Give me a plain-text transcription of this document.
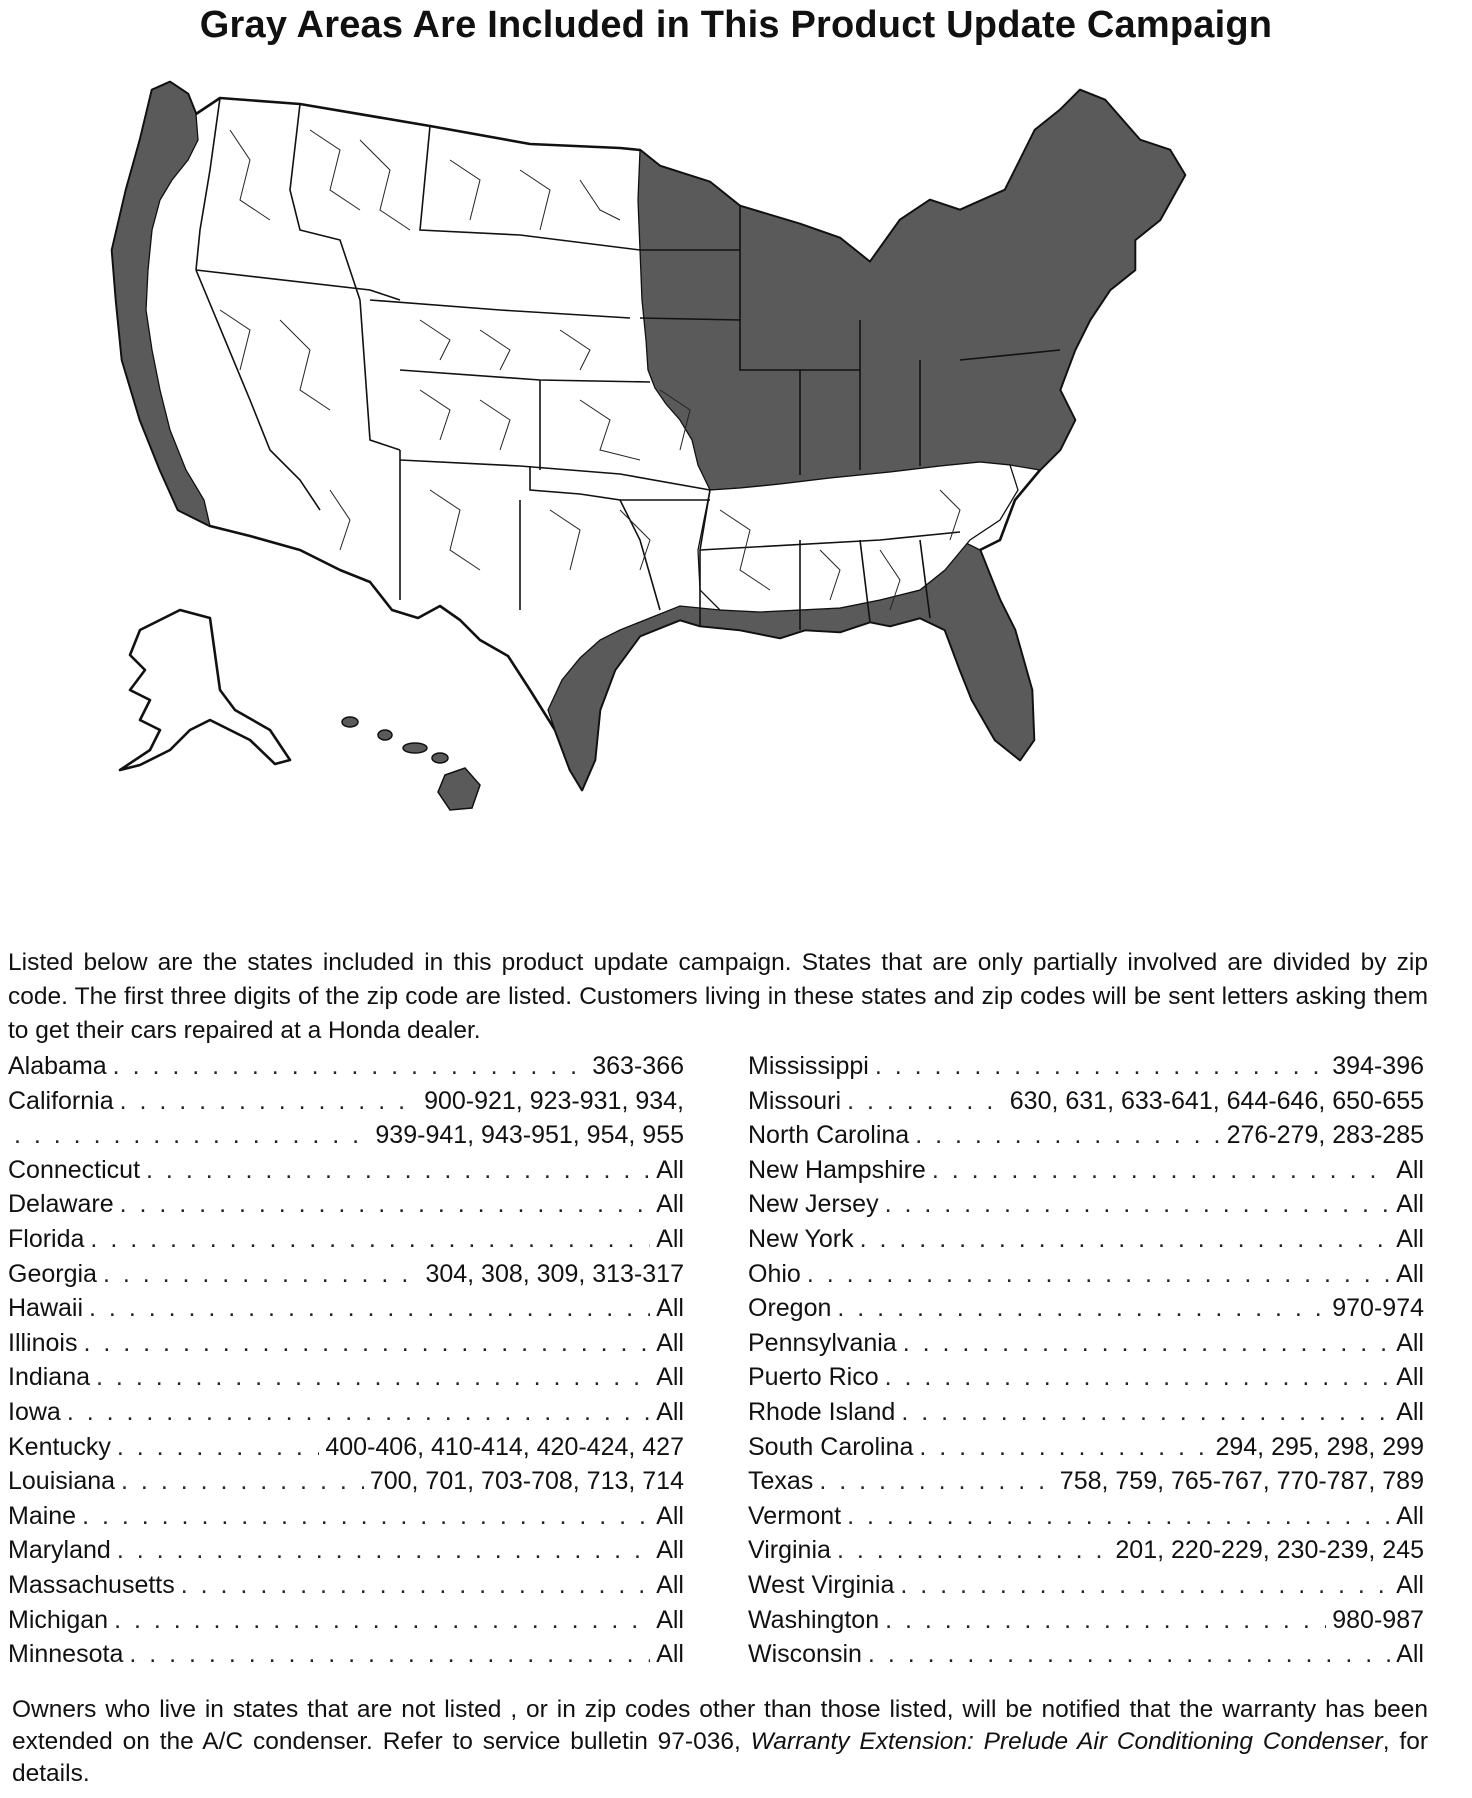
Gray Areas Are Included in This Product Update Campaign
Listed below are the states included in this product update campaign. States that are only partially involved are divided by zip code. The first three digits of the zip code are listed. Customers living in these states and zip codes will be sent letters asking them to get their cars repaired at a Honda dealer.
Alabama . . .	363-366
California . . .	900-921, 923-931, 934,
. . .
939-941, 943-951, 954, 955
Connecticut . . .	All
Delaware . . .	All
Florida . . .	All
Georgia . . .	304, 308, 309, 313-317
Hawaii . . .	All
Illinois . . .	All
Indiana . . .	All
Iowa . . .	All
Kentucky . . .	400-406, 410-414, 420-424, 427
Louisiana . . .	700, 701, 703-708, 713, 714
Maine . . .	All
Maryland . . .	All
Massachusetts . . .	All
Michigan . . .	All
Minnesota . . .	All
Mississippi . . .	394-396
Missouri . . .	630, 631, 633-641, 644-646, 650-655
North Carolina . . .	276-279, 283-285
New Hampshire . . .	All
New Jersey . . .	All
New York . . .	All
Ohio . . .	All
Oregon . . .	970-974
Pennsylvania . . .	All
Puerto Rico . . .	All
Rhode Island . . .	All
South Carolina . . .	294, 295, 298, 299
Texas . . .	758, 759, 765-767, 770-787, 789
Vermont . . .	All
Virginia . . .	201, 220-229, 230-239, 245
West Virginia . . .	All
Washington . . .	980-987
Wisconsin . . .	All
Owners who live in states that are not listed , or in zip codes other than those listed, will be notified that the warranty has been extended on the A/C condenser. Refer to service bulletin 97-036, Warranty Extension: Prelude Air Conditioning Condenser, for details.
